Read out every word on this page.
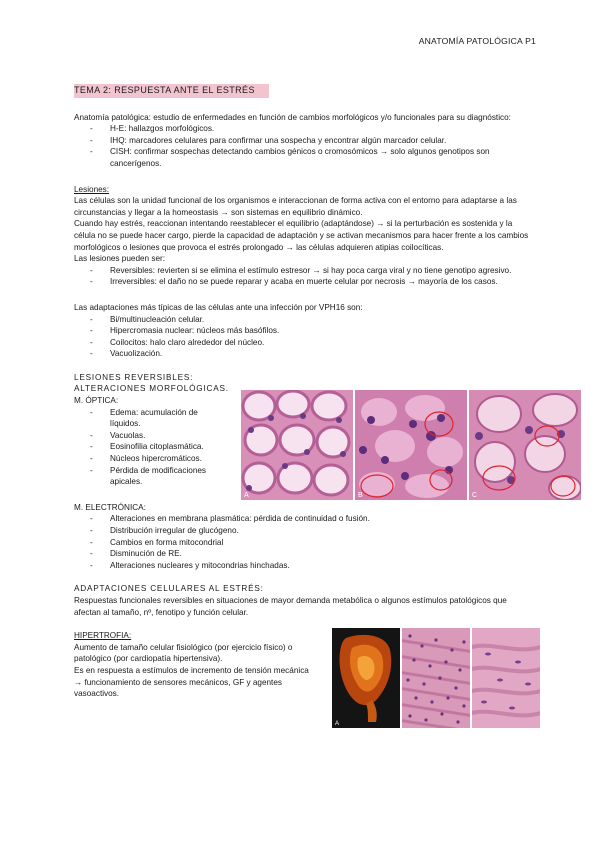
ANATOMÍA PATOLÓGICA P1
TEMA 2: RESPUESTA ANTE EL ESTRÉS

Anatomía patológica: estudio de enfermedades en función de cambios morfológicos y/o funcionales para su diagnóstico:

- H-E: hallazgos morfológicos.
- IHQ: marcadores celulares para confirmar una sospecha y encontrar algún marcador celular.
- CISH: confirmar sospechas detectando cambios génicos o cromosómicos → solo algunos genotipos son cancerígenos.

Lesiones:

Las células son la unidad funcional de los organismos e interaccionan de forma activa con el entorno para adaptarse a las circunstancias y llegar a la homeostasis → son sistemas en equilibrio dinámico.

Cuando hay estrés, reaccionan intentando reestablecer el equilibrio (adaptándose) → si la perturbación es sostenida y la célula no se puede hacer cargo, pierde la capacidad de adaptación y se activan mecanismos para hacer frente a los cambios morfológicos o lesiones que provoca el estrés prolongado → las células adquieren atipias coilocíticas.

Las lesiones pueden ser:

- Reversibles: revierten si se elimina el estímulo estresor → si hay poca carga viral y no tiene genotipo agresivo.
- Irreversibles: el daño no se puede reparar y acaba en muerte celular por necrosis → mayoría de los casos.

Las adaptaciones más típicas de las células ante una infección por VPH16 son:

- Bi/multinucleación celular.
- Hipercromasia nuclear: núcleos más basófilos.
- Coilocitos: halo claro alrededor del núcleo.
- Vacuolización.

LESIONES REVERSIBLES:

ALTERACIONES MORFOLÓGICAS.

M. ÓPTICA:

- Edema: acumulación de líquidos.
- Vacuolas.
- Eosinofilia citoplasmática.
- Núcleos hipercromáticos.
- Pérdida de modificaciones apicales.
A	B	C

M. ELECTRÓNICA:

- Alteraciones en membrana plasmática: pérdida de continuidad o fusión.
- Distribución irregular de glucógeno.
- Cambios en forma mitocondrial
- Disminución de RE.
- Alteraciones nucleares y mitocondrias hinchadas.

ADAPTACIONES CELULARES AL ESTRÉS:

Respuestas funcionales reversibles en situaciones de mayor demanda metabólica o algunos estímulos patológicos que afectan al tamaño, nº, fenotipo y función celular.

HIPERTROFIA:

Aumento de tamaño celular fisiológico (por ejercicio físico) o patológico (por cardiopatía hipertensiva).

Es en respuesta a estímulos de incremento de tensión mecánica → funcionamiento de sensores mecánicos, GF y agentes vasoactivos.

A
